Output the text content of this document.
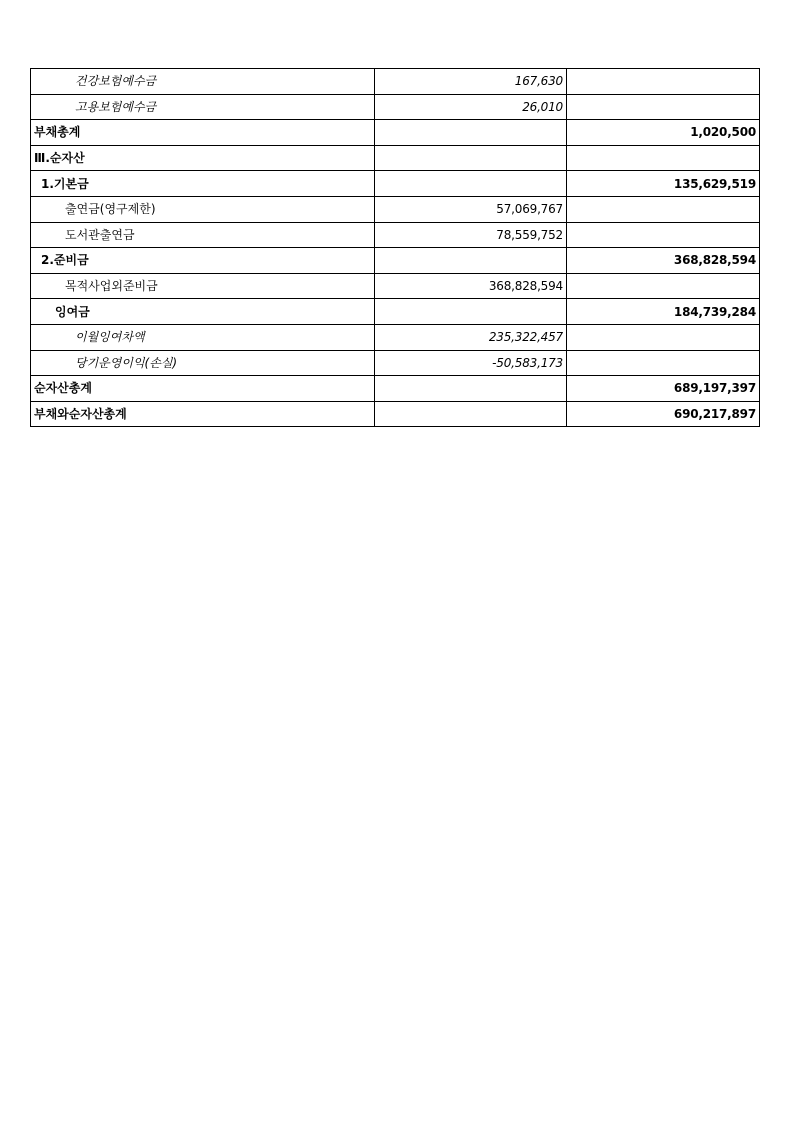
건강보험예수금	167,630	
고용보험예수금	26,010	
부채총계		1,020,500
Ⅲ.순자산		
1.기본금		135,629,519
출연금(영구제한)	57,069,767	
도서관출연금	78,559,752	
2.준비금		368,828,594
목적사업외준비금	368,828,594	
잉여금		184,739,284
이월잉여차액	235,322,457	
당기운영이익(손실)	-50,583,173	
순자산총계		689,197,397
부채와순자산총계		690,217,897
